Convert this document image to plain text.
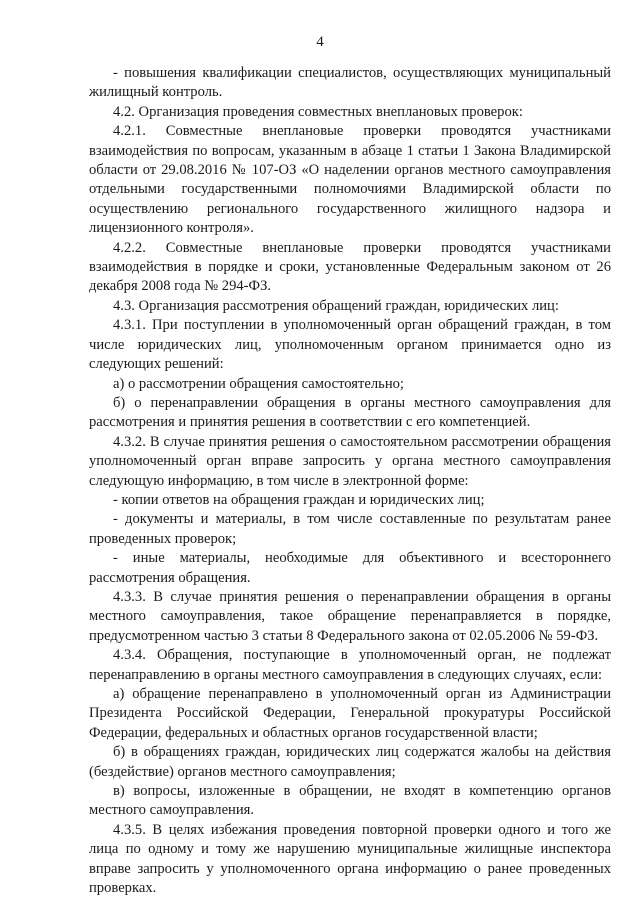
4

- повышения квалификации специалистов, осуществляющих муниципальный жилищный контроль.

4.2. Организация проведения совместных внеплановых проверок:

4.2.1. Совместные внеплановые проверки проводятся участниками взаимодействия по вопросам, указанным в абзаце 1 статьи 1 Закона Владимирской области от 29.08.2016 № 107-ОЗ «О наделении органов местного самоуправления отдельными государственными полномочиями Владимирской области по осуществлению регионального государственного жилищного надзора и лицензионного контроля».

4.2.2. Совместные внеплановые проверки проводятся участниками взаимодействия в порядке и сроки, установленные Федеральным законом от 26 декабря 2008 года № 294-ФЗ.

4.3. Организация рассмотрения обращений граждан, юридических лиц:

4.3.1. При поступлении в уполномоченный орган обращений граждан, в том числе юридических лиц, уполномоченным органом принимается одно из следующих решений:

а) о рассмотрении обращения самостоятельно;

б) о перенаправлении обращения в органы местного самоуправления для рассмотрения и принятия решения в соответствии с его компетенцией.

4.3.2. В случае принятия решения о самостоятельном рассмотрении обращения уполномоченный орган вправе запросить у органа местного самоуправления следующую информацию, в том числе в электронной форме:

- копии ответов на обращения граждан и юридических лиц;

- документы и материалы, в том числе составленные по результатам ранее проведенных проверок;

- иные материалы, необходимые для объективного и всестороннего рассмотрения обращения.

4.3.3. В случае принятия решения о перенаправлении обращения в органы местного самоуправления, такое обращение перенаправляется в порядке, предусмотренном частью 3 статьи 8 Федерального закона от 02.05.2006 № 59-ФЗ.

4.3.4. Обращения, поступающие в уполномоченный орган, не подлежат перенаправлению в органы местного самоуправления в следующих случаях, если:

а) обращение перенаправлено в уполномоченный орган из Администрации Президента Российской Федерации, Генеральной прокуратуры Российской Федерации, федеральных и областных органов государственной власти;

б) в обращениях граждан, юридических лиц содержатся жалобы на действия (бездействие) органов местного самоуправления;

в) вопросы, изложенные в обращении, не входят в компетенцию органов местного самоуправления.

4.3.5. В целях избежания проведения повторной проверки одного и того же лица по одному и тому же нарушению муниципальные жилищные инспектора вправе запросить у уполномоченного органа информацию о ранее проведенных проверках.
